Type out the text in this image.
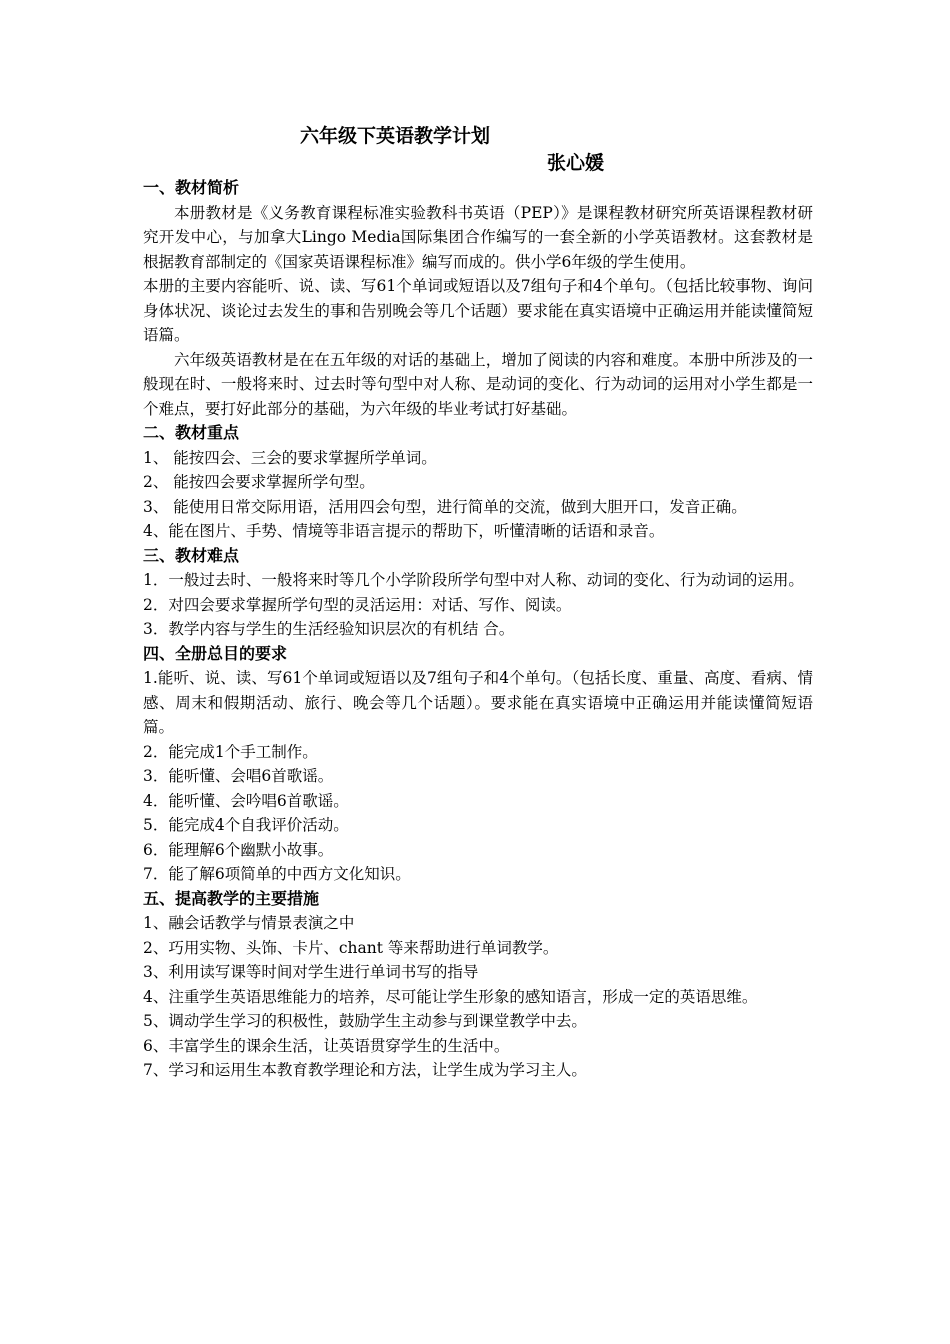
六年级下英语教学计划
张心媛
一、教材简析
本册教材是《义务教育课程标准实验教科书英语（PEP）》是课程教材研究所英语课程教材研究开发中心，与加拿大Lingo Media国际集团合作编写的一套全新的小学英语教材。这套教材是根据教育部制定的《国家英语课程标准》编写而成的。供小学6年级的学生使用。
本册的主要内容能听、说、读、写61个单词或短语以及7组句子和4个单句。（包括比较事物、询问身体状况、谈论过去发生的事和告别晚会等几个话题）要求能在真实语境中正确运用并能读懂简短语篇。
六年级英语教材是在在五年级的对话的基础上，增加了阅读的内容和难度。本册中所涉及的一般现在时、一般将来时、过去时等句型中对人称、是动词的变化、行为动词的运用对小学生都是一个难点，要打好此部分的基础，为六年级的毕业考试打好基础。
二、教材重点
1、 能按四会、三会的要求掌握所学单词。
2、 能按四会要求掌握所学句型。
3、 能使用日常交际用语，活用四会句型，进行简单的交流，做到大胆开口，发音正确。
4、能在图片、手势、情境等非语言提示的帮助下，听懂清晰的话语和录音。
三、教材难点
1．一般过去时、一般将来时等几个小学阶段所学句型中对人称、动词的变化、行为动词的运用。
2．对四会要求掌握所学句型的灵活运用：对话、写作、阅读。
3．教学内容与学生的生活经验知识层次的有机结 合。
四、全册总目的要求
1.能听、说、读、写61个单词或短语以及7组句子和4个单句。（包括长度、重量、高度、看病、情感、周末和假期活动、旅行、晚会等几个话题）。要求能在真实语境中正确运用并能读懂简短语篇。
2．能完成1个手工制作。
3．能听懂、会唱6首歌谣。
4．能听懂、会吟唱6首歌谣。
5．能完成4个自我评价活动。
6．能理解6个幽默小故事。
7．能了解6项简单的中西方文化知识。
五、提高教学的主要措施
1、融会话教学与情景表演之中
2、巧用实物、头饰、卡片、chant 等来帮助进行单词教学。
3、利用读写课等时间对学生进行单词书写的指导
4、注重学生英语思维能力的培养，尽可能让学生形象的感知语言，形成一定的英语思维。
5、调动学生学习的积极性，鼓励学生主动参与到课堂教学中去。
6、丰富学生的课余生活，让英语贯穿学生的生活中。
7、学习和运用生本教育教学理论和方法，让学生成为学习主人。
